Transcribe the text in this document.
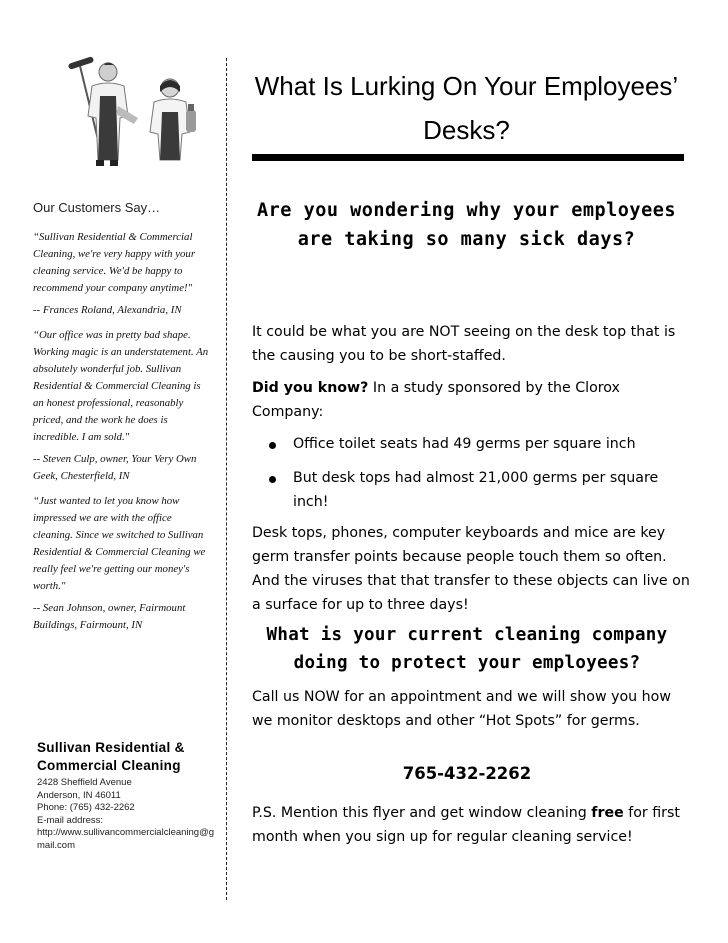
Our Customers Say…

“Sullivan Residential & Commercial Cleaning, we're very happy with your cleaning service. We'd be happy to recommend your company anytime!"

-- Frances Roland, Alexandria, IN

“Our office was in pretty bad shape. Working magic is an understatement. An absolutely wonderful job. Sullivan Residential & Commercial Cleaning is an honest professional, reasonably priced, and the work he does is incredible. I am sold."

-- Steven Culp, owner, Your Very Own Geek, Chesterfield, IN

“Just wanted to let you know how impressed we are with the office cleaning. Since we switched to Sullivan Residential & Commercial Cleaning we really feel we're getting our money's worth."

-- Sean Johnson, owner, Fairmount Buildings, Fairmount, IN

Sullivan Residential & Commercial Cleaning

2428 Sheffield Avenue

Anderson, IN 46011

Phone: (765) 432-2262

E-mail address:

http://www.sullivancommercialcleaning@gmail.com

What Is Lurking On Your Employees’ Desks?
Are you wondering why your employees are taking so many sick days?

It could be what you are NOT seeing on the desk top that is the causing you to be short-staffed.

Did you know? In a study sponsored by the Clorox Company:

Office toilet seats had 49 germs per square inch
But desk tops had almost 21,000 germs per square inch!

Desk tops, phones, computer keyboards and mice are key germ transfer points because people touch them so often. And the viruses that that transfer to these objects can live on a surface for up to three days!

What is your current cleaning company doing to protect your employees?

Call us NOW for an appointment and we will show you how we monitor desktops and other “Hot Spots” for germs.

765-432-2262

P.S. Mention this flyer and get window cleaning free for first month when you sign up for regular cleaning service!
